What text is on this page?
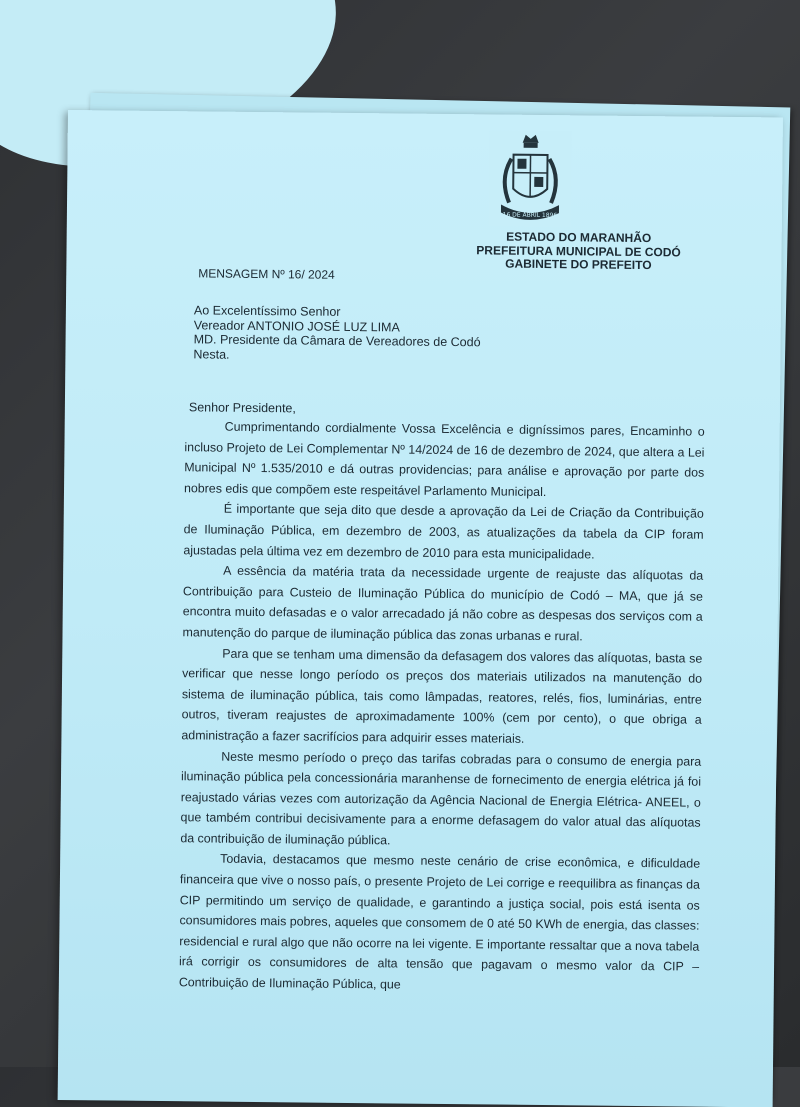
16 DE ABRIL 1896
ESTADO DO MARANHÃO
PREFEITURA MUNICIPAL DE CODÓ
GABINETE DO PREFEITO
MENSAGEM Nº 16/ 2024
Ao Excelentíssimo Senhor
Vereador ANTONIO JOSÉ LUZ LIMA
MD. Presidente da Câmara de Vereadores de Codó
Nesta.
Senhor Presidente,

Cumprimentando cordialmente Vossa Excelência e digníssimos pares, Encaminho o incluso Projeto de Lei Complementar Nº 14/2024 de 16 de dezembro de 2024, que altera a Lei Municipal Nº 1.535/2010 e dá outras providencias; para análise e aprovação por parte dos nobres edis que compõem este respeitável Parlamento Municipal.

É importante que seja dito que desde a aprovação da Lei de Criação da Contribuição de Iluminação Pública, em dezembro de 2003, as atualizações da tabela da CIP foram ajustadas pela última vez em dezembro de 2010 para esta municipalidade.

A essência da matéria trata da necessidade urgente de reajuste das alíquotas da Contribuição para Custeio de Iluminação Pública do município de Codó – MA, que já se encontra muito defasadas e o valor arrecadado já não cobre as despesas dos serviços com a manutenção do parque de iluminação pública das zonas urbanas e rural.

Para que se tenham uma dimensão da defasagem dos valores das alíquotas, basta se verificar que nesse longo período os preços dos materiais utilizados na manutenção do sistema de iluminação pública, tais como lâmpadas, reatores, relés, fios, luminárias, entre outros, tiveram reajustes de aproximadamente 100% (cem por cento), o que obriga a administração a fazer sacrifícios para adquirir esses materiais.

Neste mesmo período o preço das tarifas cobradas para o consumo de energia para iluminação pública pela concessionária maranhense de fornecimento de energia elétrica já foi reajustado várias vezes com autorização da Agência Nacional de Energia Elétrica- ANEEL, o que também contribui decisivamente para a enorme defasagem do valor atual das alíquotas da contribuição de iluminação pública.

Todavia, destacamos que mesmo neste cenário de crise econômica, e dificuldade financeira que vive o nosso país, o presente Projeto de Lei corrige e reequilibra as finanças da CIP permitindo um serviço de qualidade, e garantindo a justiça social, pois está isenta os consumidores mais pobres, aqueles que consomem de 0 até 50 KWh de energia, das classes: residencial e rural algo que não ocorre na lei vigente. E importante ressaltar que a nova tabela irá corrigir os consumidores de alta tensão que pagavam o mesmo valor da CIP – Contribuição de Iluminação Pública, que
